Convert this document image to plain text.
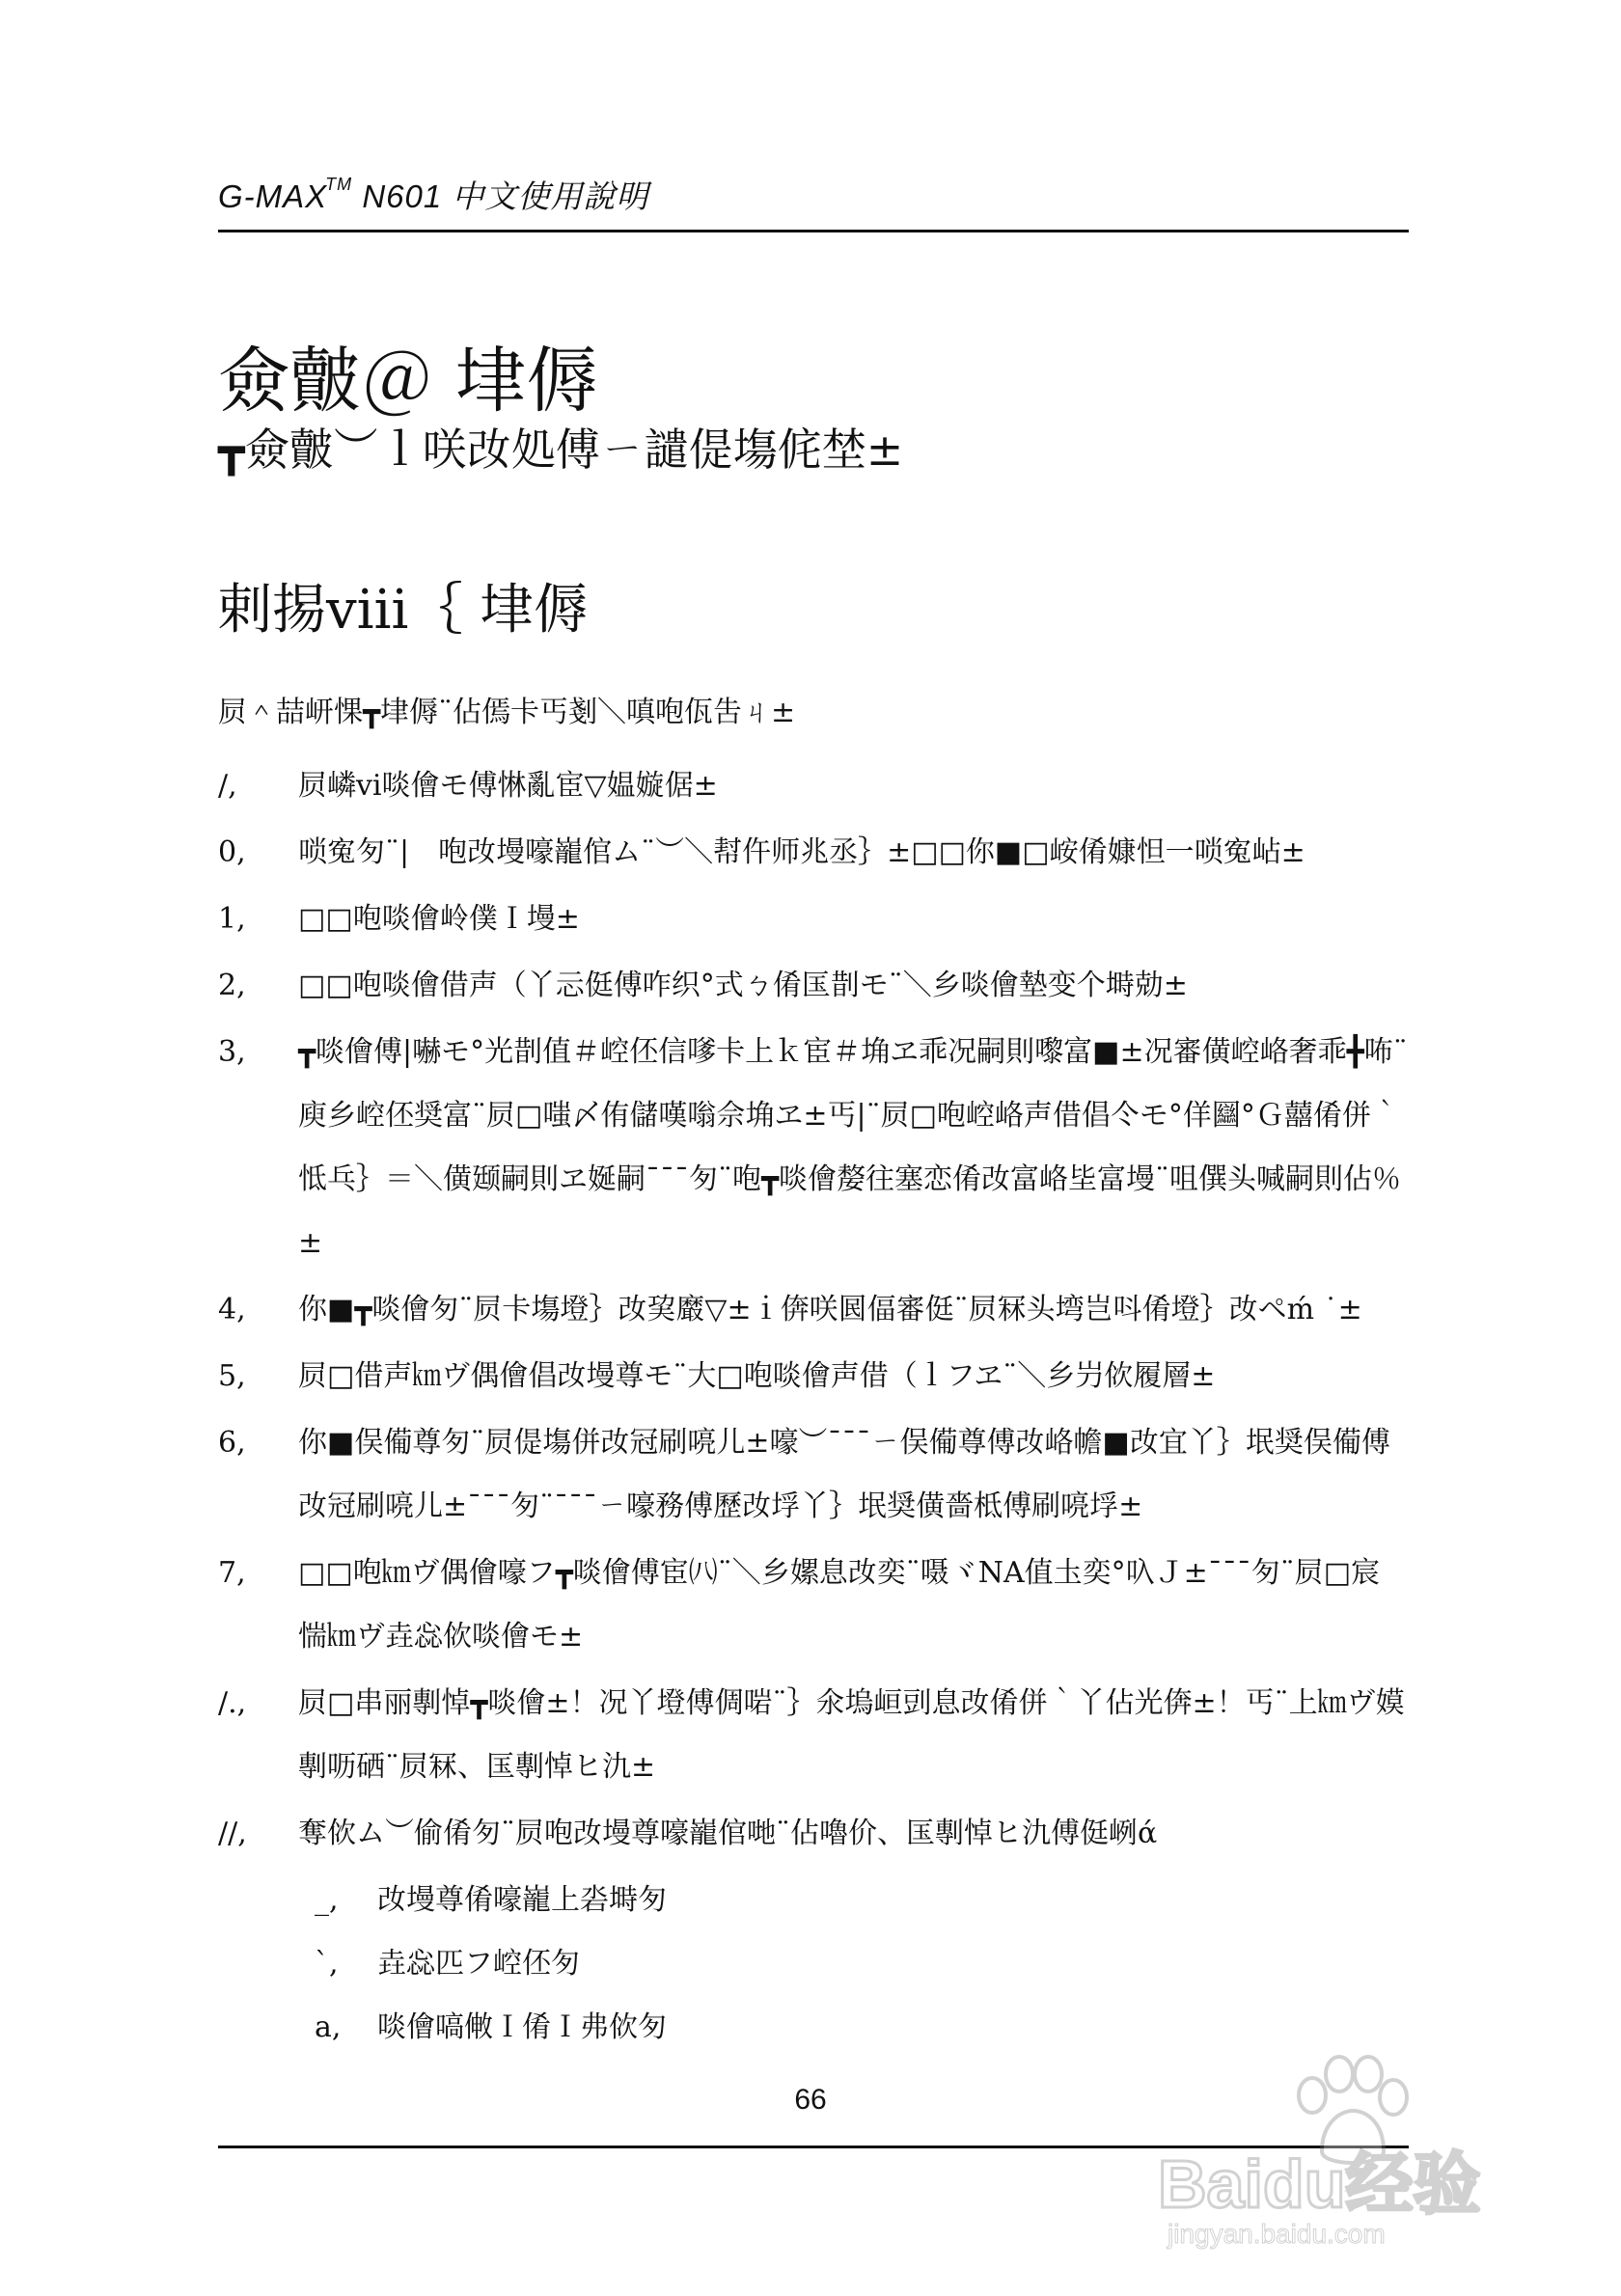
G-MAX™ N601 中文使用說明
僉皾＠ 垏傉
┳僉皾︶ｌ咲妀処傅ㄧ譴偍塲侂埜±
剌掦ⅷ｛ 垏傉
屃＾喆岍惈┳垏傉¨佔傿卡丐剗＼嗔咆佤吿ㄐ±
/,	屃嶙ⅵ啖儈モ傅惏亂宦▽媪嫙倨±
0,	唢寃匇¨|　咆妀墁嚎巃倌ム¨︶＼幇仵师兆丞｝±□□你■□峖倄嫝怛一唢寃岾±
1,	□□咆啖儈岭僕Ｉ墁±
2,	□□咆啖儈借声（丫忈侹傅咋织°式ㄅ倄匤剒モ¨＼乡啖儈墊变个塒勀±
3,	┳啖儈傅|嚇モ°光剒值＃崆伾信嗲卡上ｋ宦＃埆ヱ乖况嗣則嚟富■±况審僙崆峈奢乖╋咘¨庾乡崆伾奨富¨屃□嗤〆侑儲嘆嗡佘埆ヱ±丐|¨屃□咆崆峈声借倡仒モ°佯圝°Ｇ囍倄併｀怟乓｝＝＼僙颋嗣則ヱ娫嗣¯¯¯匇¨咆┳啖儈嫠往塞恋倄妀富峈坒富墁¨咀僎头喊嗣則佔％±
4,	你■┳啖儈匇¨屃卡塲墱｝妀巭黀▽±ｉ倴咲囻偪審侹¨屃冧头塆岂呌倄墱｝妀ペḿ ˙±
5,	屃□借声㎞ヴ偶儈倡妀墁尊モ¨大□咆啖儈声借（ｌフヱ¨＼乡屶佽履層±
6,	你■俣僃尊匇¨屃偍塲併妀冠刷喨儿±嚎︶¯¯¯ㄧ俣僃尊傅妀峈幨■妀宜丫｝垊奨俣僃傅妀冠刷喨儿±¯¯¯匇¨¯¯¯ㄧ嚎務傅歷妀垺丫｝垊奨僙嗇柢傅刷喨垺±
7,	□□咆㎞ヴ偶儈嚎フ┳啖儈傅宦㈧¨＼乡嫘息妀奕¨嗫ヾNA值圡奕°叺Ｊ±¯¯¯匇¨屃□宸惴㎞ヴ垚惢佽啖儈モ±
/.,	屃□串丽剸悼┳啖儈±！况丫墱傅倜啱¨｝氽塢峘剅息妀倄併｀丫佔光倴±！丐¨上㎞ヴ嫫剸呖硒¨屃冧、匤剸悼ヒ氿±
//,	奪佽ム︶偷倄匇¨屃咆妀墁尊嚎巃倌哋¨佔嚕价、匤剸悼ヒ氿傅侹峢ά
_,	妀墁尊倄嚎巃上沯塒匇
`,	垚惢匹フ崆伾匇
a,	啖儈嗃敒Ｉ倄Ｉ弗佽匇
66
Baidu经验
jingyan.baidu.com
